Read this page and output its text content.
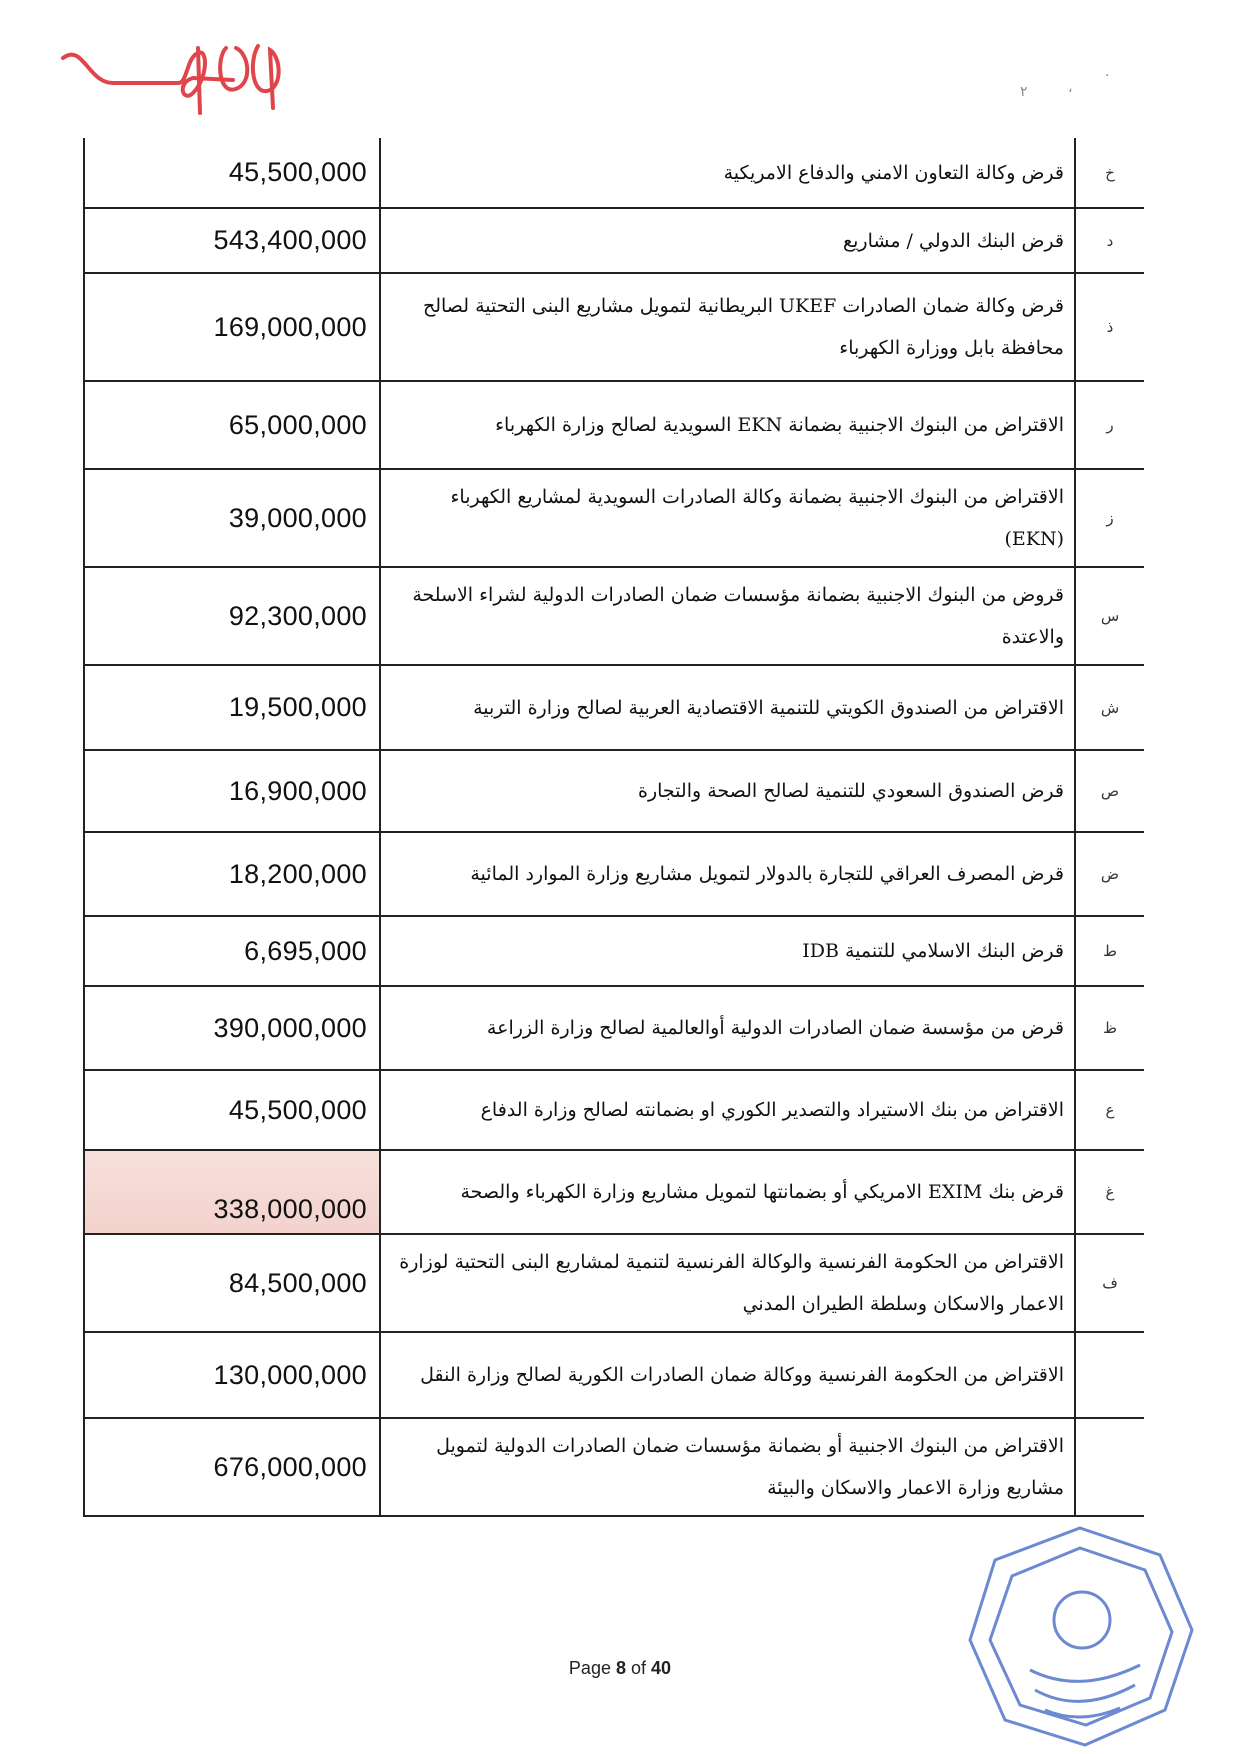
٢	،
·
خ	قرض وكالة التعاون الامني والدفاع الامريكية	45,500,000
د	قرض البنك الدولي / مشاريع	543,400,000
ذ	قرض وكالة ضمان الصادرات UKEF البريطانية لتمويل مشاريع البنى التحتية لصالح محافظة بابل ووزارة الكهرباء	169,000,000
ر	الاقتراض من البنوك الاجنبية بضمانة EKN السويدية لصالح وزارة الكهرباء	65,000,000
ز	الاقتراض من البنوك الاجنبية بضمانة وكالة الصادرات السويدية لمشاريع الكهرباء (EKN)	39,000,000
س	قروض من البنوك الاجنبية بضمانة مؤسسات ضمان الصادرات الدولية لشراء الاسلحة والاعتدة	92,300,000
ش	الاقتراض من الصندوق الكويتي للتنمية الاقتصادية العربية لصالح وزارة التربية	19,500,000
ص	قرض الصندوق السعودي للتنمية لصالح الصحة والتجارة	16,900,000
ض	قرض المصرف العراقي للتجارة بالدولار لتمويل مشاريع وزارة الموارد المائية	18,200,000
ط	قرض البنك الاسلامي للتنمية IDB	6,695,000
ظ	قرض من مؤسسة ضمان الصادرات الدولية أوالعالمية لصالح وزارة الزراعة	390,000,000
ع	الاقتراض من بنك الاستيراد والتصدير الكوري او بضمانته لصالح وزارة الدفاع	45,500,000
غ	قرض بنك EXIM الامريكي أو بضمانتها لتمويل مشاريع وزارة الكهرباء والصحة	338,000,000
ف	الاقتراض من الحكومة الفرنسية والوكالة الفرنسية لتنمية لمشاريع البنى التحتية لوزارة الاعمار والاسكان وسلطة الطيران المدني	84,500,000
	الاقتراض من الحكومة الفرنسية ووكالة ضمان الصادرات الكورية لصالح وزارة النقل	130,000,000
	الاقتراض من البنوك الاجنبية أو بضمانة مؤسسات ضمان الصادرات الدولية لتمويل مشاريع وزارة الاعمار والاسكان والبيئة	676,000,000
Page 8 of 40
